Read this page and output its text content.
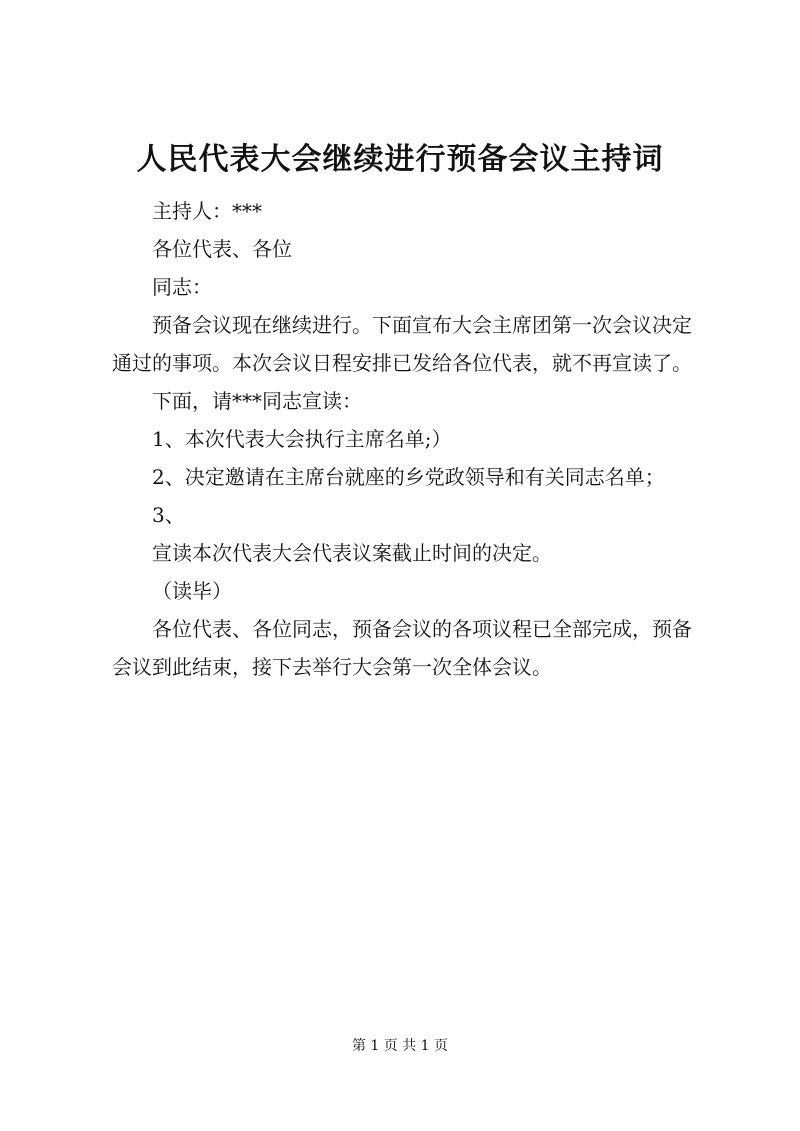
人民代表大会继续进行预备会议主持词

主持人：***

各位代表、各位

同志：

预备会议现在继续进行。下面宣布大会主席团第一次会议决定通过的事项。本次会议日程安排已发给各位代表，就不再宣读了。

下面，请***同志宣读：

1、本次代表大会执行主席名单;）

2、决定邀请在主席台就座的乡党政领导和有关同志名单；

3、

宣读本次代表大会代表议案截止时间的决定。

（读毕）

各位代表、各位同志，预备会议的各项议程已全部完成，预备会议到此结束，接下去举行大会第一次全体会议。

第 1 页 共 1 页
